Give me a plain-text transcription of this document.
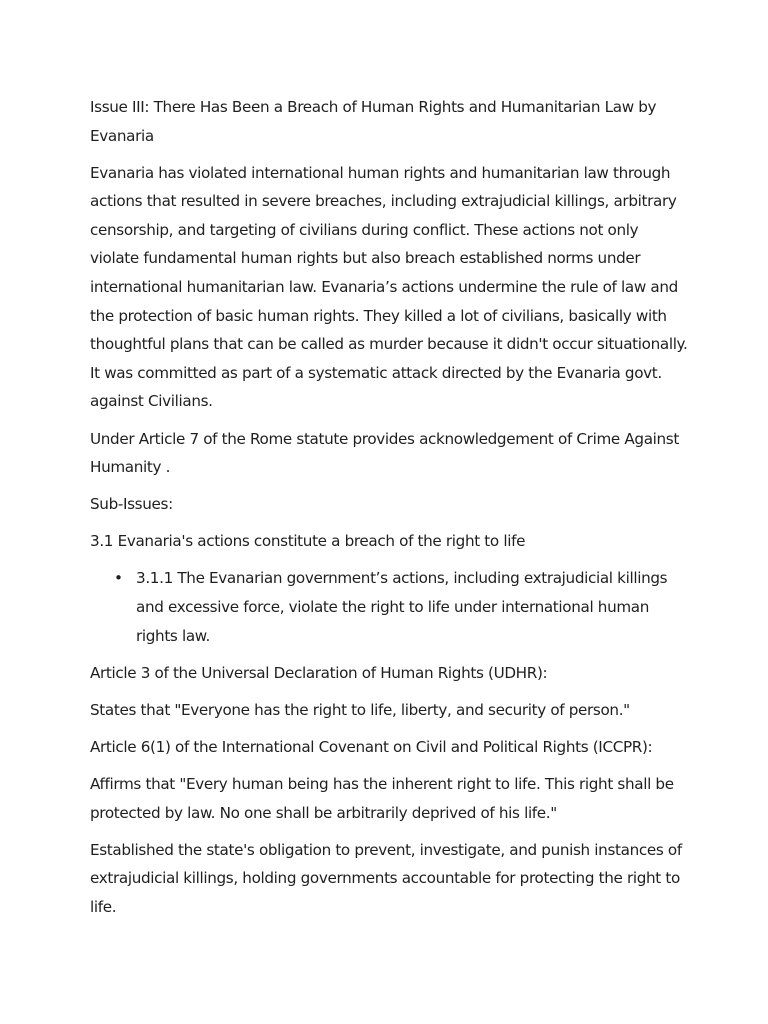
Issue III: There Has Been a Breach of Human Rights and Humanitarian Law by Evanaria

Evanaria has violated international human rights and humanitarian law through actions that resulted in severe breaches, including extrajudicial killings, arbitrary censorship, and targeting of civilians during conflict. These actions not only violate fundamental human rights but also breach established norms under international humanitarian law. Evanaria’s actions undermine the rule of law and the protection of basic human rights. They killed a lot of civilians, basically with thoughtful plans that can be called as murder because it didn't occur situationally. It was committed as part of a systematic attack directed by the Evanaria govt. against Civilians.

Under Article 7 of the Rome statute provides acknowledgement of Crime Against Humanity .

Sub-Issues:

3.1 Evanaria's actions constitute a breach of the right to life

• 3.1.1 The Evanarian government’s actions, including extrajudicial killings and excessive force, violate the right to life under international human rights law.

Article 3 of the Universal Declaration of Human Rights (UDHR):

States that "Everyone has the right to life, liberty, and security of person."

Article 6(1) of the International Covenant on Civil and Political Rights (ICCPR):

Affirms that "Every human being has the inherent right to life. This right shall be protected by law. No one shall be arbitrarily deprived of his life."

Established the state's obligation to prevent, investigate, and punish instances of extrajudicial killings, holding governments accountable for protecting the right to life.
